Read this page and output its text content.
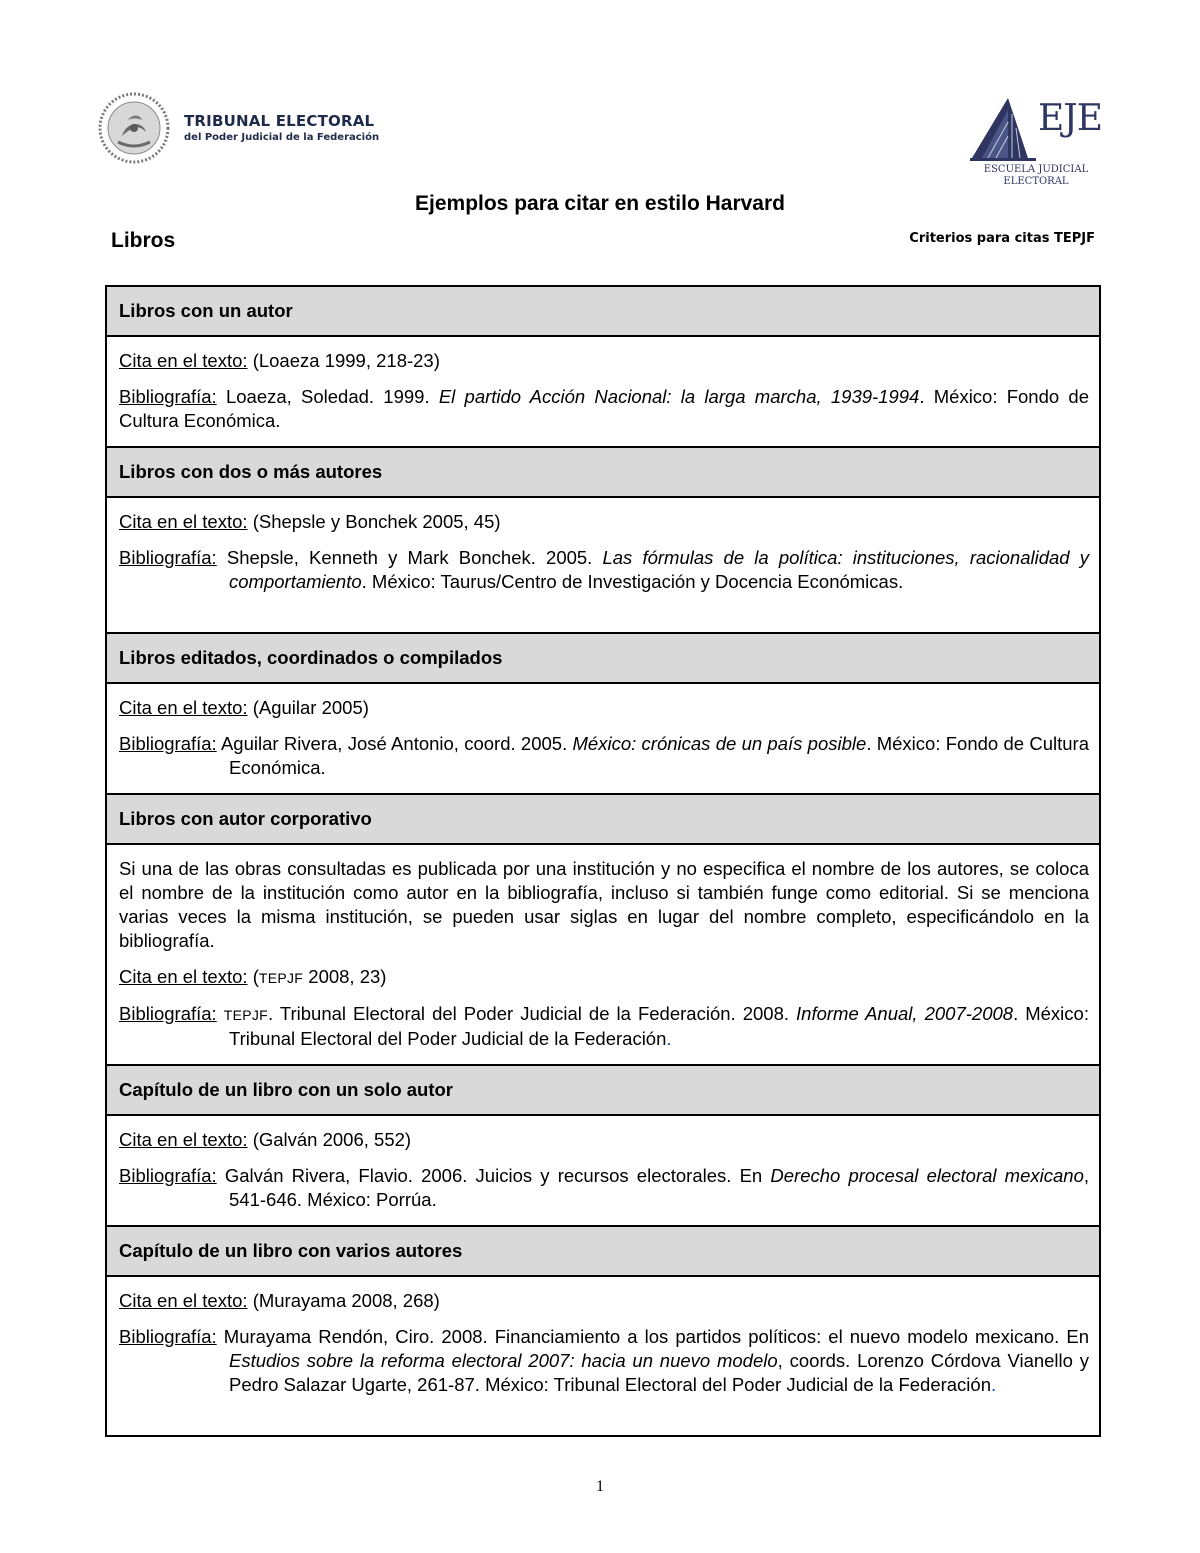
TRIBUNAL ELECTORAL
del Poder Judicial de la Federación	EJE
ESCUELA JUDICIAL
ELECTORAL
Ejemplos para citar en estilo Harvard
Libros	Criterios para citas TEPJF
Libros con un autor

Cita en el texto: (Loaeza 1999, 218-23)

Bibliografía: Loaeza, Soledad. 1999. El partido Acción Nacional: la larga marcha, 1939-1994. México: Fondo de Cultura Económica.

Libros con dos o más autores

Cita en el texto: (Shepsle y Bonchek 2005, 45)

Bibliografía: Shepsle, Kenneth y Mark Bonchek. 2005. Las fórmulas de la política: instituciones, racionalidad y comportamiento. México: Taurus/Centro de Investigación y Docencia Económicas.

Libros editados, coordinados o compilados

Cita en el texto: (Aguilar 2005)

Bibliografía: Aguilar Rivera, José Antonio, coord. 2005. México: crónicas de un país posible. México: Fondo de Cultura Económica.

Libros con autor corporativo

Si una de las obras consultadas es publicada por una institución y no especifica el nombre de los autores, se coloca el nombre de la institución como autor en la bibliografía, incluso si también funge como editorial. Si se menciona varias veces la misma institución, se pueden usar siglas en lugar del nombre completo, especificándolo en la bibliografía.

Cita en el texto: (TEPJF 2008, 23)

Bibliografía: TEPJF. Tribunal Electoral del Poder Judicial de la Federación. 2008. Informe Anual, 2007-2008. México: Tribunal Electoral del Poder Judicial de la Federación.

Capítulo de un libro con un solo autor

Cita en el texto: (Galván 2006, 552)

Bibliografía: Galván Rivera, Flavio. 2006. Juicios y recursos electorales. En Derecho procesal electoral mexicano, 541-646. México: Porrúa.

Capítulo de un libro con varios autores

Cita en el texto: (Murayama 2008, 268)

Bibliografía: Murayama Rendón, Ciro. 2008. Financiamiento a los partidos políticos: el nuevo modelo mexicano. En Estudios sobre la reforma electoral 2007: hacia un nuevo modelo, coords. Lorenzo Córdova Vianello y Pedro Salazar Ugarte, 261-87. México: Tribunal Electoral del Poder Judicial de la Federación.

1
